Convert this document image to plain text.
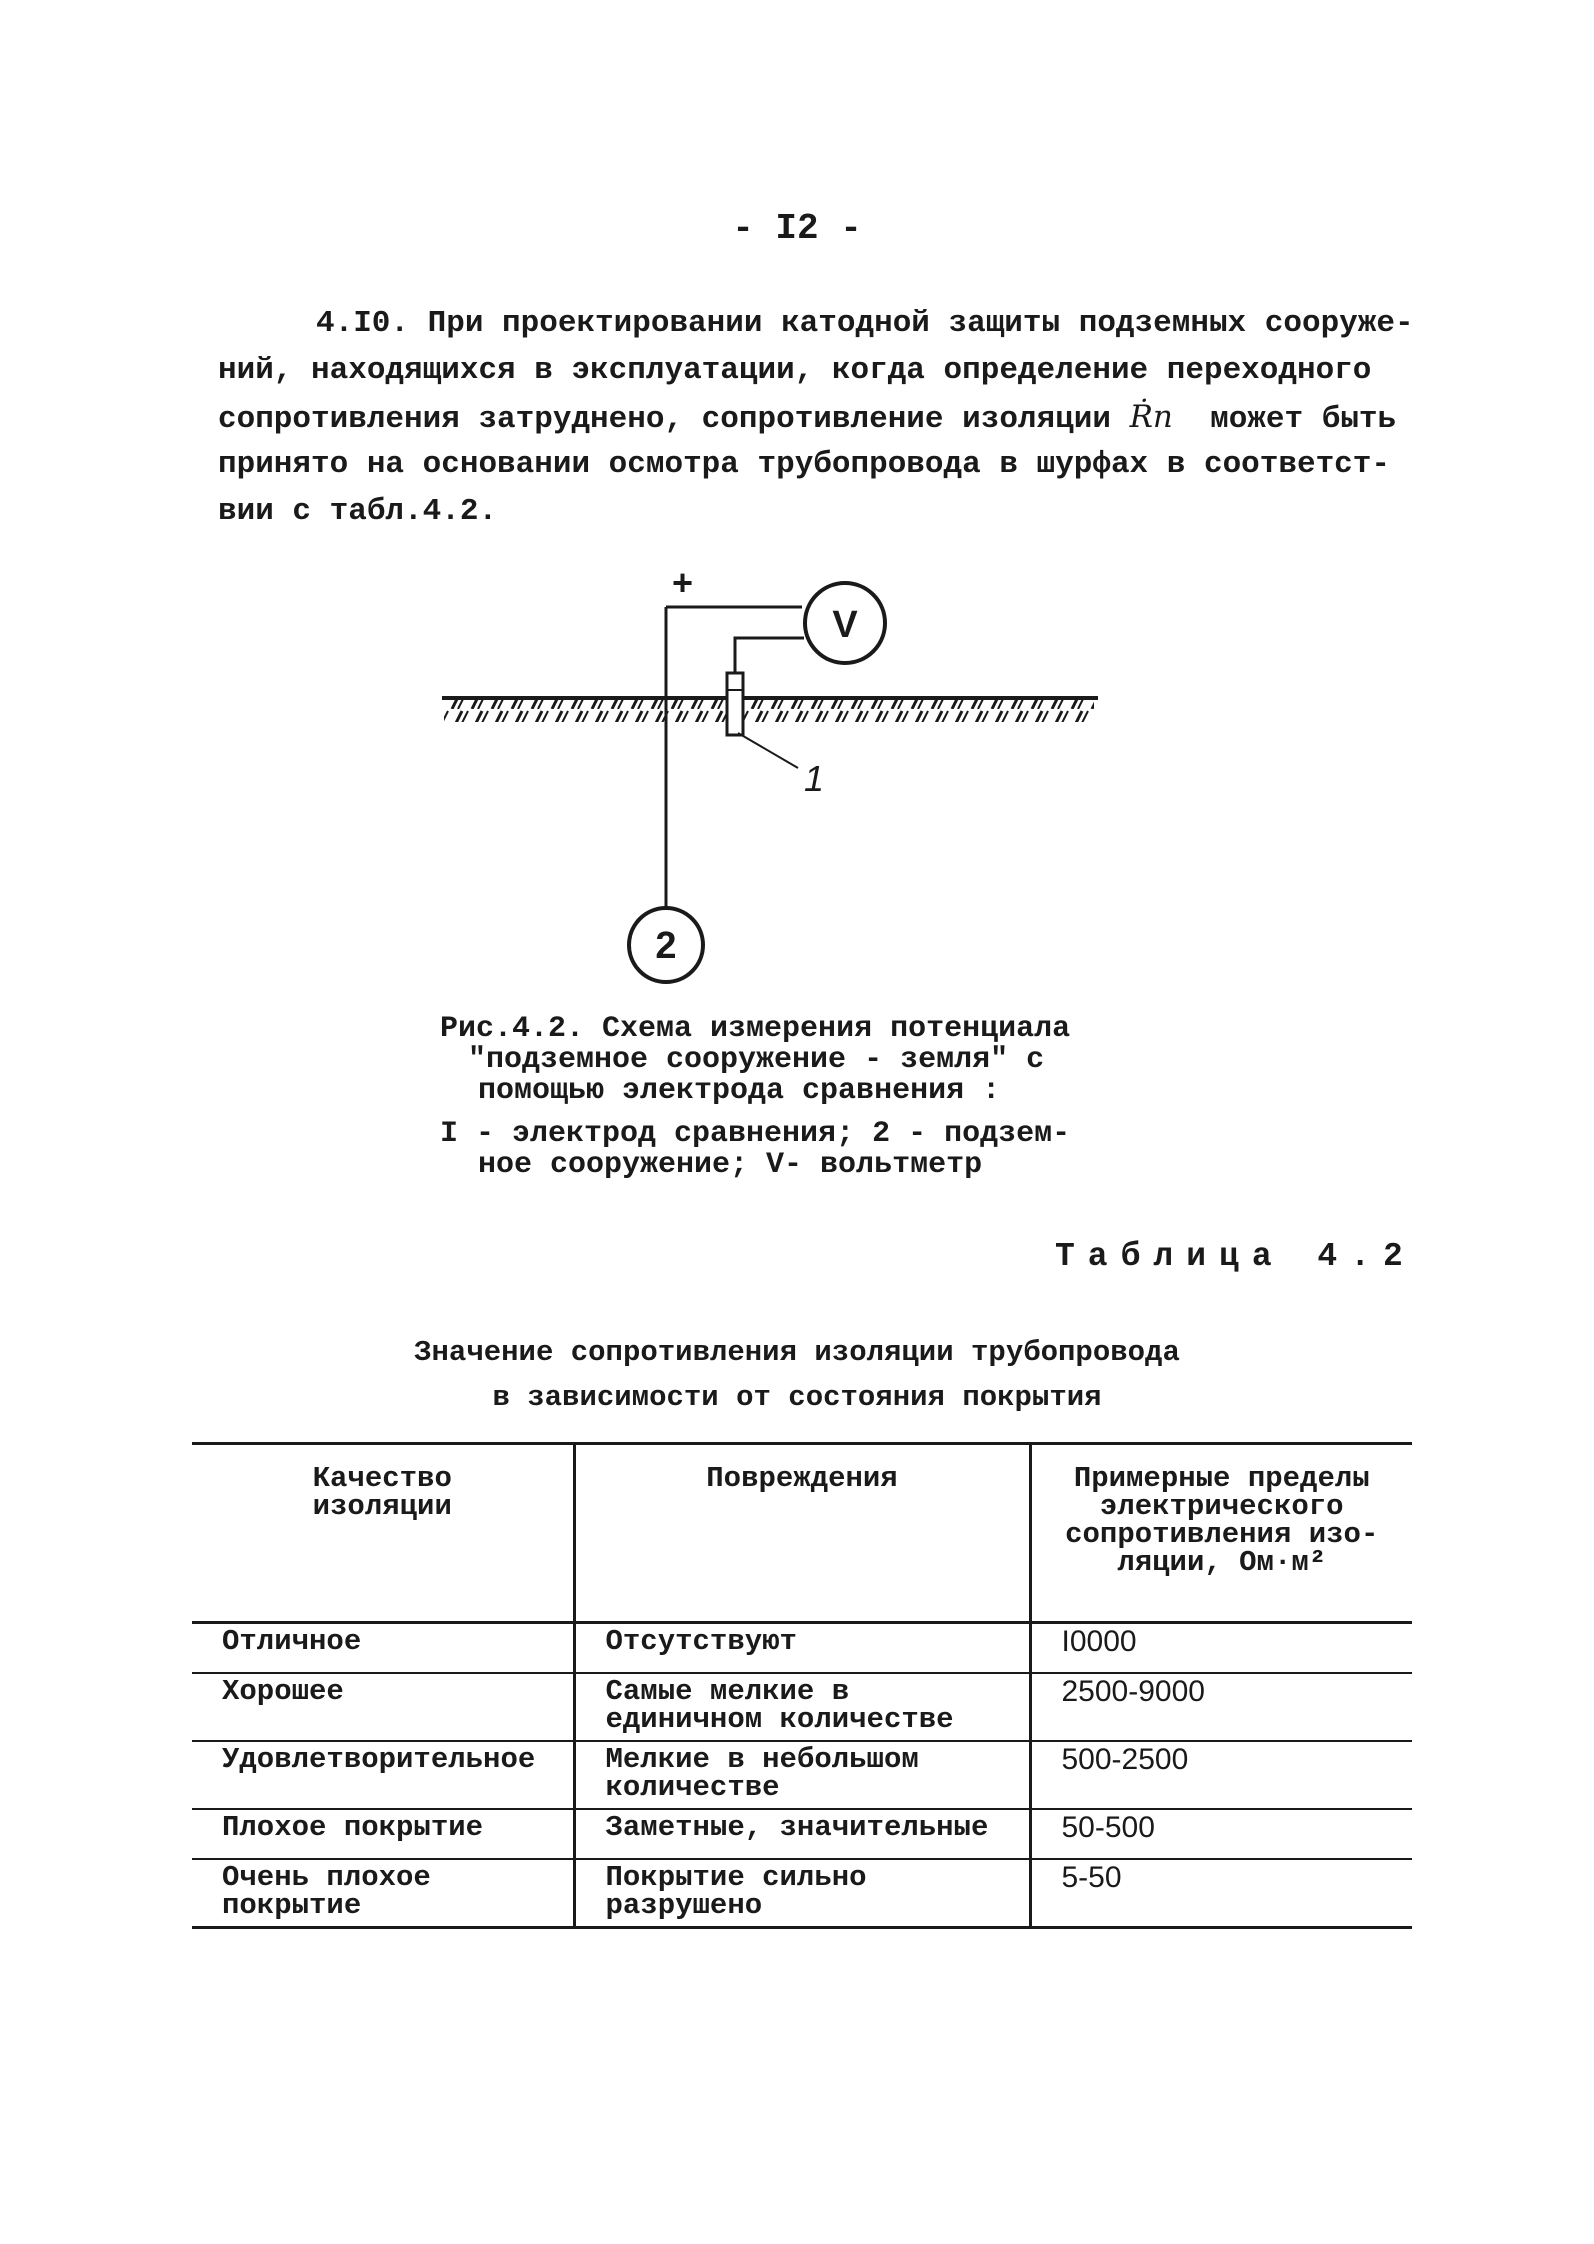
- I2 -
4.I0. При проектировании катодной защиты подземных сооруже-
ний, находящихся в эксплуатации, когда определение переходного
сопротивления затруднено, сопротивление изоляции Ṙп может быть
принято на основании осмотра трубопровода в шурфах в соответст-
вии с табл.4.2.
1
+
V
2
Рис.4.2. Схема измерения потенциала
"подземное сооружение - земля" с
помощью электрода сравнения :
I - электрод сравнения; 2 - подзем-
ное сооружение; V- вольтметр
Таблица 4.2
Значение сопротивления изоляции трубопровода
в зависимости от состояния покрытия
Качество
изоляции	Повреждения	Примерные пределы
электрического
сопротивления изо-
ляции, Ом·м²

Отличное	Отсутствуют	I0000
Хорошее	Самые мелкие в единичном количестве	2500-9000
Удовлетворительное	Мелкие в небольшом количестве	500-2500
Плохое покрытие	Заметные, значительные	50-500
Очень плохое покрытие	Покрытие сильно разрушено	5-50
